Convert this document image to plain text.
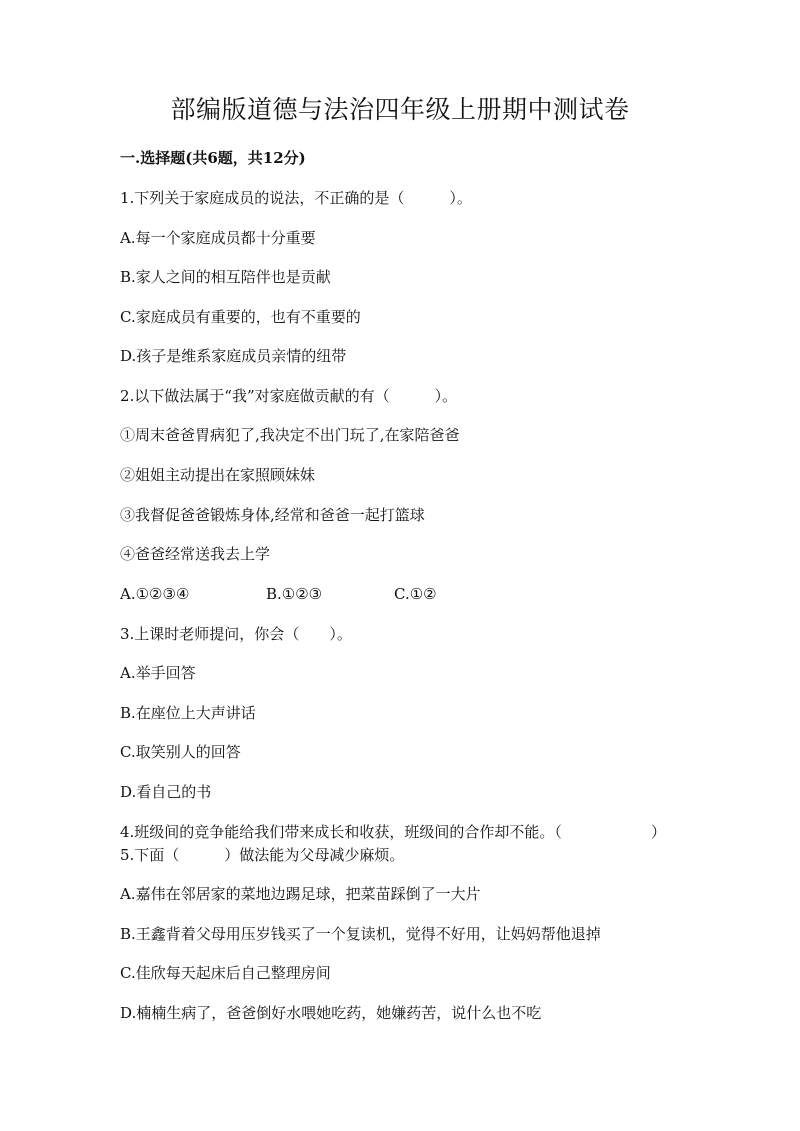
部编版道德与法治四年级上册期中测试卷
一.选择题(共6题，共12分)
1.下列关于家庭成员的说法，不正确的是（　　　）。
A.每一个家庭成员都十分重要
B.家人之间的相互陪伴也是贡献
C.家庭成员有重要的，也有不重要的
D.孩子是维系家庭成员亲情的纽带
2.以下做法属于“我”对家庭做贡献的有（　　　）。
①周末爸爸胃病犯了,我决定不出门玩了,在家陪爸爸
②姐姐主动提出在家照顾妹妹
③我督促爸爸锻炼身体,经常和爸爸一起打篮球
④爸爸经常送我去上学
A.①②③④	B.①②③	C.①②
3.上课时老师提问，你会（　　）。
A.举手回答
B.在座位上大声讲话
C.取笑别人的回答
D.看自己的书
4.班级间的竞争能给我们带来成长和收获，班级间的合作却不能。（	）
5.下面（　　　）做法能为父母减少麻烦。
A.嘉伟在邻居家的菜地边踢足球，把菜苗踩倒了一大片
B.王鑫背着父母用压岁钱买了一个复读机，觉得不好用，让妈妈帮他退掉
C.佳欣每天起床后自己整理房间
D.楠楠生病了，爸爸倒好水喂她吃药，她嫌药苦，说什么也不吃
